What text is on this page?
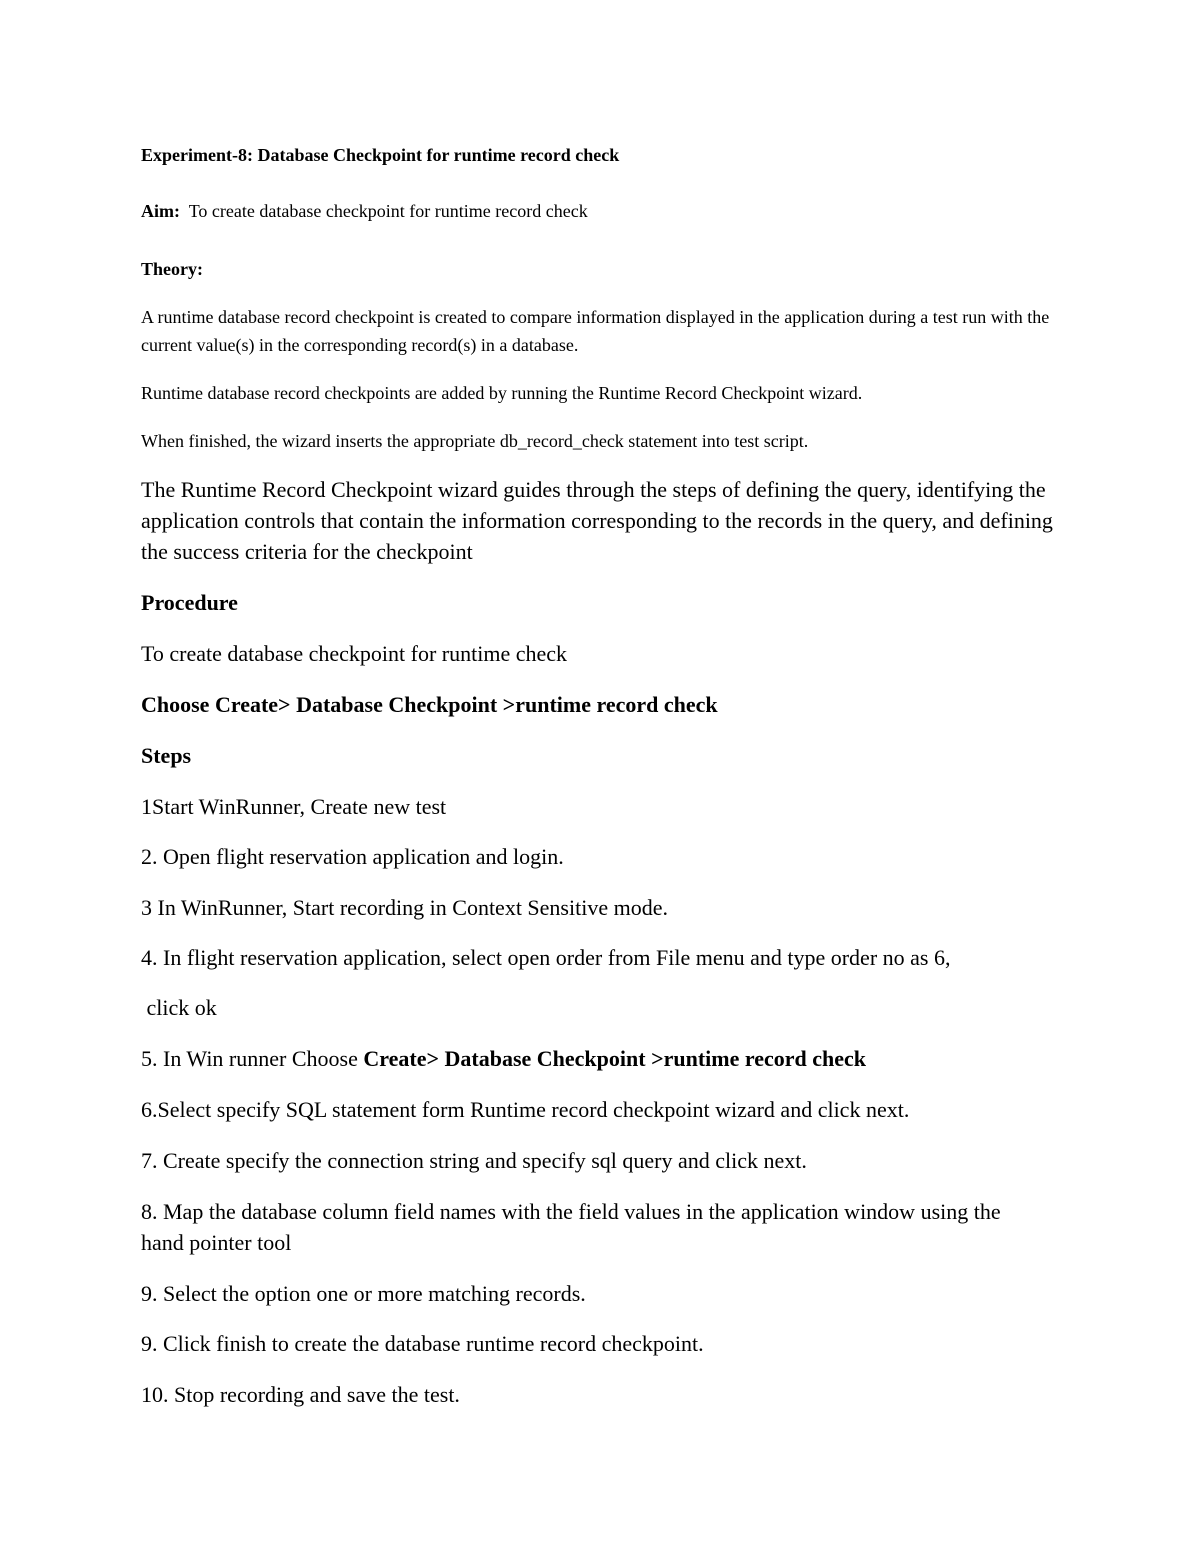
Experiment-8: Database Checkpoint for runtime record check
Aim: To create database checkpoint for runtime record check
Theory:
A runtime database record checkpoint is created to compare information displayed in the application during a test run with the current value(s) in the corresponding record(s) in a database.
Runtime database record checkpoints are added by running the Runtime Record Checkpoint wizard.
When finished, the wizard inserts the appropriate db_record_check statement into test script.
The Runtime Record Checkpoint wizard guides through the steps of defining the query, identifying the application controls that contain the information corresponding to the records in the query, and defining the success criteria for the checkpoint
Procedure
To create database checkpoint for runtime check
Choose Create> Database Checkpoint >runtime record check
Steps
1Start WinRunner, Create new test
2. Open flight reservation application and login.
3 In WinRunner, Start recording in Context Sensitive mode.
4. In flight reservation application, select open order from File menu and type order no as 6,
click ok
5. In Win runner Choose Create> Database Checkpoint >runtime record check
6.Select specify SQL statement form Runtime record checkpoint wizard and click next.
7. Create specify the connection string and specify sql query and click next.
8. Map the database column field names with the field values in the application window using the hand pointer tool
9. Select the option one or more matching records.
9. Click finish to create the database runtime record checkpoint.
10. Stop recording and save the test.
